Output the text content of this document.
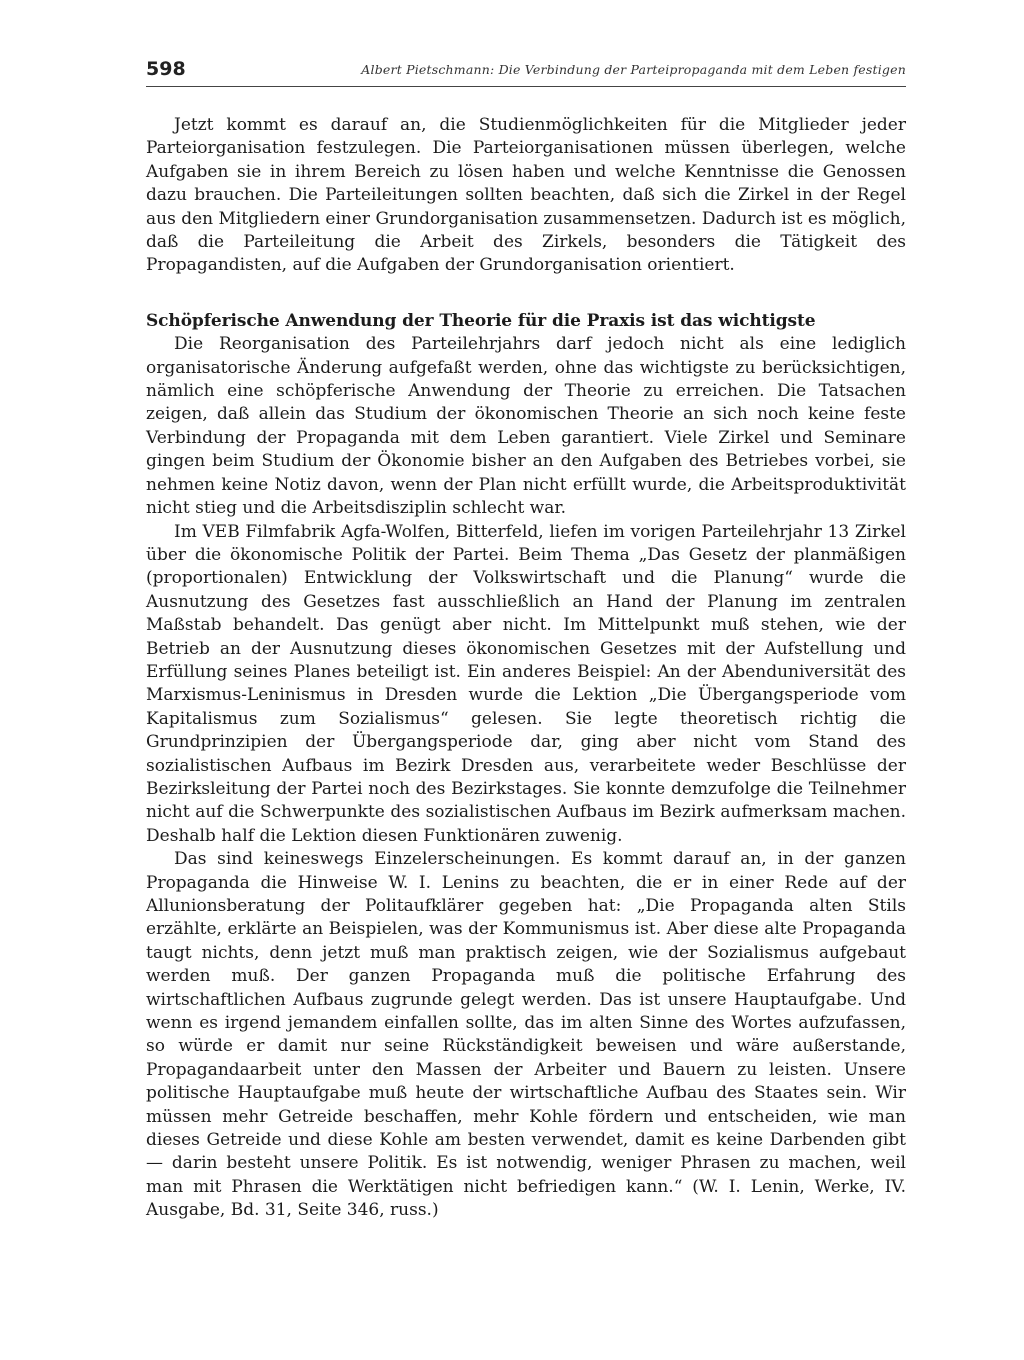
598	Albert Pietschmann: Die Verbindung der Parteipropaganda mit dem Leben festigen

Jetzt kommt es darauf an, die Studienmöglichkeiten für die Mitglieder jeder Parteiorganisation festzulegen. Die Parteiorganisationen müssen überlegen, welche Aufgaben sie in ihrem Bereich zu lösen haben und welche Kenntnisse die Genossen dazu brauchen. Die Parteileitungen sollten beachten, daß sich die Zirkel in der Regel aus den Mitgliedern einer Grundorganisation zusammensetzen. Dadurch ist es möglich, daß die Parteileitung die Arbeit des Zirkels, besonders die Tätigkeit des Propagandisten, auf die Aufgaben der Grundorganisation orientiert.

Schöpferische Anwendung der Theorie für die Praxis ist das wichtigste

Die Reorganisation des Parteilehrjahrs darf jedoch nicht als eine lediglich organisatorische Änderung aufgefaßt werden, ohne das wichtigste zu berücksichtigen, nämlich eine schöpferische Anwendung der Theorie zu erreichen. Die Tatsachen zeigen, daß allein das Studium der ökonomischen Theorie an sich noch keine feste Verbindung der Propaganda mit dem Leben garantiert. Viele Zirkel und Seminare gingen beim Studium der Ökonomie bisher an den Aufgaben des Betriebes vorbei, sie nehmen keine Notiz davon, wenn der Plan nicht erfüllt wurde, die Arbeitsproduktivität nicht stieg und die Arbeitsdisziplin schlecht war.

Im VEB Filmfabrik Agfa-Wolfen, Bitterfeld, liefen im vorigen Parteilehrjahr 13 Zirkel über die ökonomische Politik der Partei. Beim Thema „Das Gesetz der planmäßigen (proportionalen) Entwicklung der Volkswirtschaft und die Planung“ wurde die Ausnutzung des Gesetzes fast ausschließlich an Hand der Planung im zentralen Maßstab behandelt. Das genügt aber nicht. Im Mittelpunkt muß stehen, wie der Betrieb an der Ausnutzung dieses ökonomischen Gesetzes mit der Aufstellung und Erfüllung seines Planes beteiligt ist. Ein anderes Beispiel: An der Abenduniversität des Marxismus-Leninismus in Dresden wurde die Lektion „Die Übergangsperiode vom Kapitalismus zum Sozialismus“ gelesen. Sie legte theoretisch richtig die Grundprinzipien der Übergangsperiode dar, ging aber nicht vom Stand des sozialistischen Aufbaus im Bezirk Dresden aus, verarbeitete weder Beschlüsse der Bezirksleitung der Partei noch des Bezirkstages. Sie konnte demzufolge die Teilnehmer nicht auf die Schwerpunkte des sozialistischen Aufbaus im Bezirk aufmerksam machen. Deshalb half die Lektion diesen Funktionären zuwenig.

Das sind keineswegs Einzelerscheinungen. Es kommt darauf an, in der ganzen Propaganda die Hinweise W. I. Lenins zu beachten, die er in einer Rede auf der Allunionsberatung der Politaufklärer gegeben hat: „Die Propaganda alten Stils erzählte, erklärte an Beispielen, was der Kommunismus ist. Aber diese alte Propaganda taugt nichts, denn jetzt muß man praktisch zeigen, wie der Sozialismus aufgebaut werden muß. Der ganzen Propaganda muß die politische Erfahrung des wirtschaftlichen Aufbaus zugrunde gelegt werden. Das ist unsere Hauptaufgabe. Und wenn es irgend jemandem einfallen sollte, das im alten Sinne des Wortes aufzufassen, so würde er damit nur seine Rückständigkeit beweisen und wäre außerstande, Propagandaarbeit unter den Massen der Arbeiter und Bauern zu leisten. Unsere politische Hauptaufgabe muß heute der wirtschaftliche Aufbau des Staates sein. Wir müssen mehr Getreide beschaffen, mehr Kohle fördern und entscheiden, wie man dieses Getreide und diese Kohle am besten verwendet, damit es keine Darbenden gibt — darin besteht unsere Politik. Es ist notwendig, weniger Phrasen zu machen, weil man mit Phrasen die Werktätigen nicht befriedigen kann.“ (W. I. Lenin, Werke, IV. Ausgabe, Bd. 31, Seite 346, russ.)
